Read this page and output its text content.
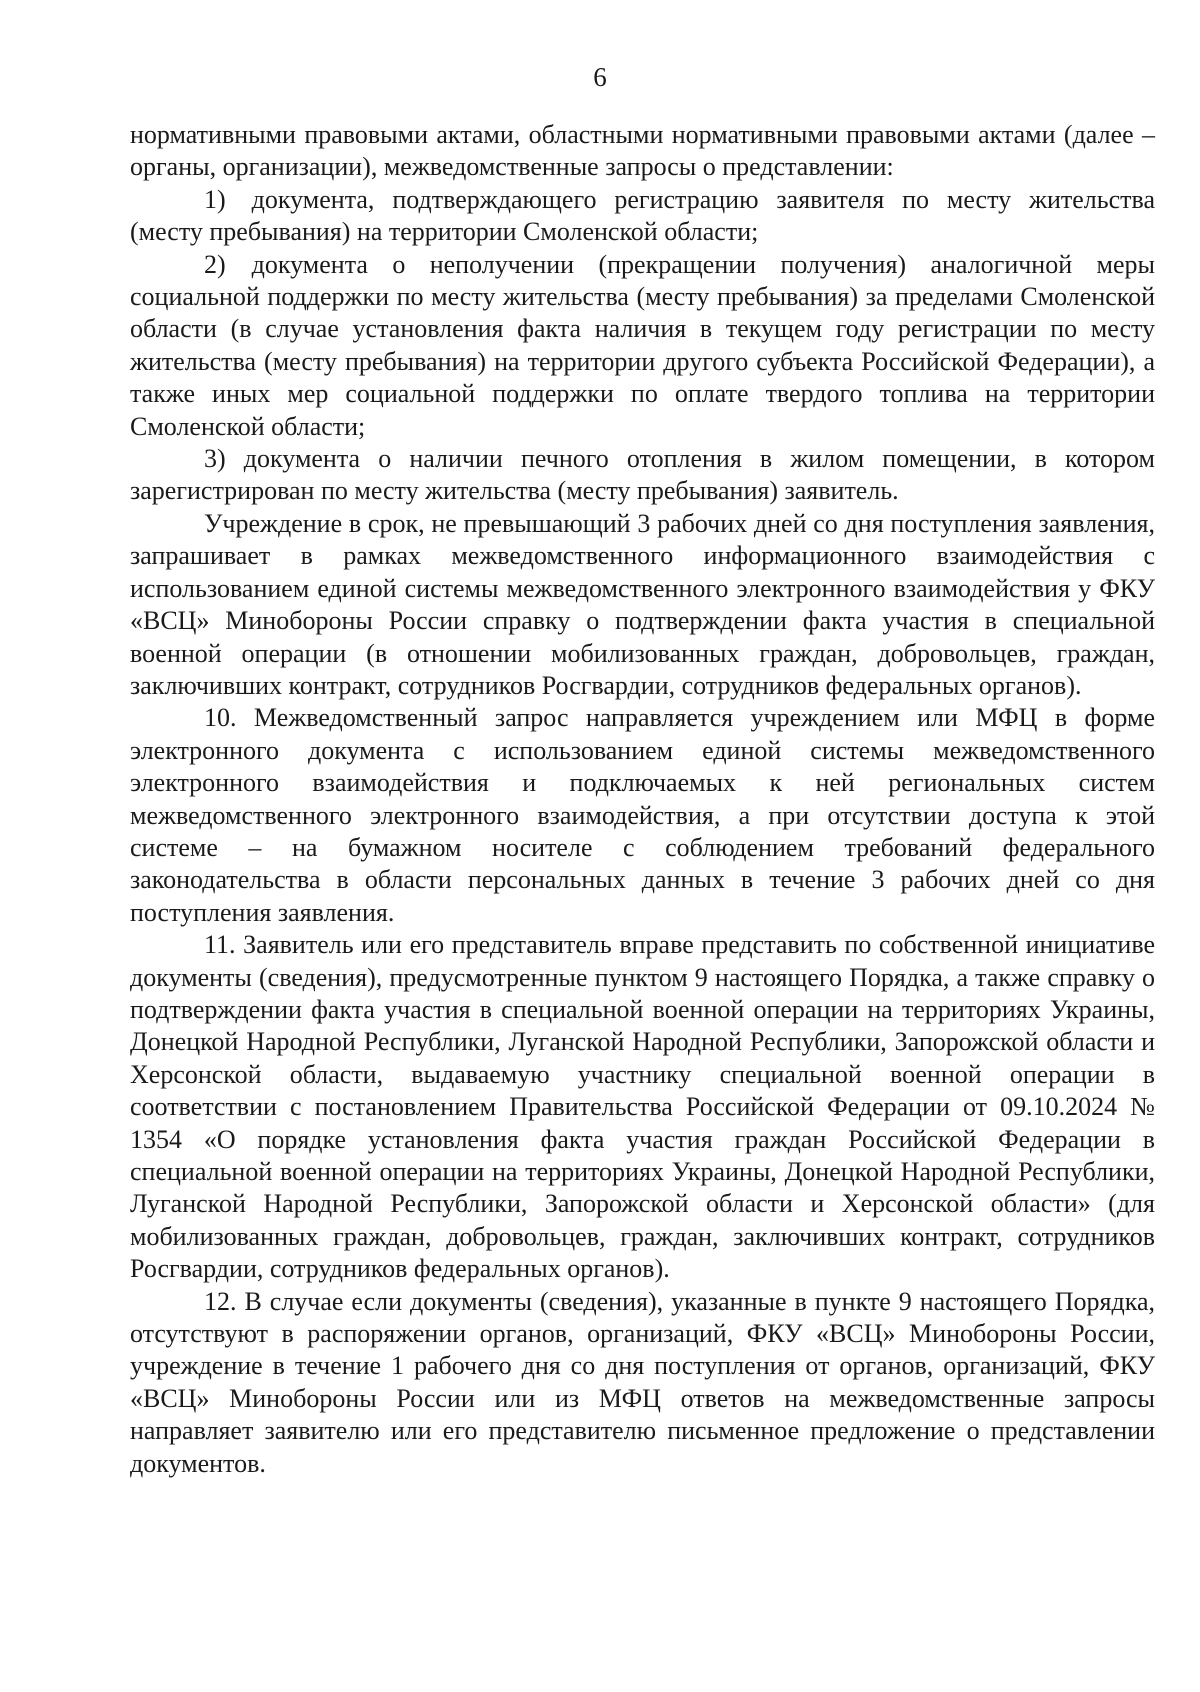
6

нормативными правовыми актами, областными нормативными правовыми актами (далее – органы, организации), межведомственные запросы о представлении:

1) документа, подтверждающего регистрацию заявителя по месту жительства (месту пребывания) на территории Смоленской области;

2) документа о неполучении (прекращении получения) аналогичной меры социальной поддержки по месту жительства (месту пребывания) за пределами Смоленской области (в случае установления факта наличия в текущем году регистрации по месту жительства (месту пребывания) на территории другого субъекта Российской Федерации), а также иных мер социальной поддержки по оплате твердого топлива на территории Смоленской области;

3) документа о наличии печного отопления в жилом помещении, в котором зарегистрирован по месту жительства (месту пребывания) заявитель.

Учреждение в срок, не превышающий 3 рабочих дней со дня поступления заявления, запрашивает в рамках межведомственного информационного взаимодействия с использованием единой системы межведомственного электронного взаимодействия у ФКУ «ВСЦ» Минобороны России справку о подтверждении факта участия в специальной военной операции (в отношении мобилизованных граждан, добровольцев, граждан, заключивших контракт, сотрудников Росгвардии, сотрудников федеральных органов).

10. Межведомственный запрос направляется учреждением или МФЦ в форме электронного документа с использованием единой системы межведомственного электронного взаимодействия и подключаемых к ней региональных систем межведомственного электронного взаимодействия, а при отсутствии доступа к этой системе – на бумажном носителе с соблюдением требований федерального законодательства в области персональных данных в течение 3 рабочих дней со дня поступления заявления.

11. Заявитель или его представитель вправе представить по собственной инициативе документы (сведения), предусмотренные пунктом 9 настоящего Порядка, а также справку о подтверждении факта участия в специальной военной операции на территориях Украины, Донецкой Народной Республики, Луганской Народной Республики, Запорожской области и Херсонской области, выдаваемую участнику специальной военной операции в соответствии с постановлением Правительства Российской Федерации от 09.10.2024 № 1354 «О порядке установления факта участия граждан Российской Федерации в специальной военной операции на территориях Украины, Донецкой Народной Республики, Луганской Народной Республики, Запорожской области и Херсонской области» (для мобилизованных граждан, добровольцев, граждан, заключивших контракт, сотрудников Росгвардии, сотрудников федеральных органов).

12. В случае если документы (сведения), указанные в пункте 9 настоящего Порядка, отсутствуют в распоряжении органов, организаций, ФКУ «ВСЦ» Минобороны России, учреждение в течение 1 рабочего дня со дня поступления от органов, организаций, ФКУ «ВСЦ» Минобороны России или из МФЦ ответов на межведомственные запросы направляет заявителю или его представителю письменное предложение о представлении документов.
